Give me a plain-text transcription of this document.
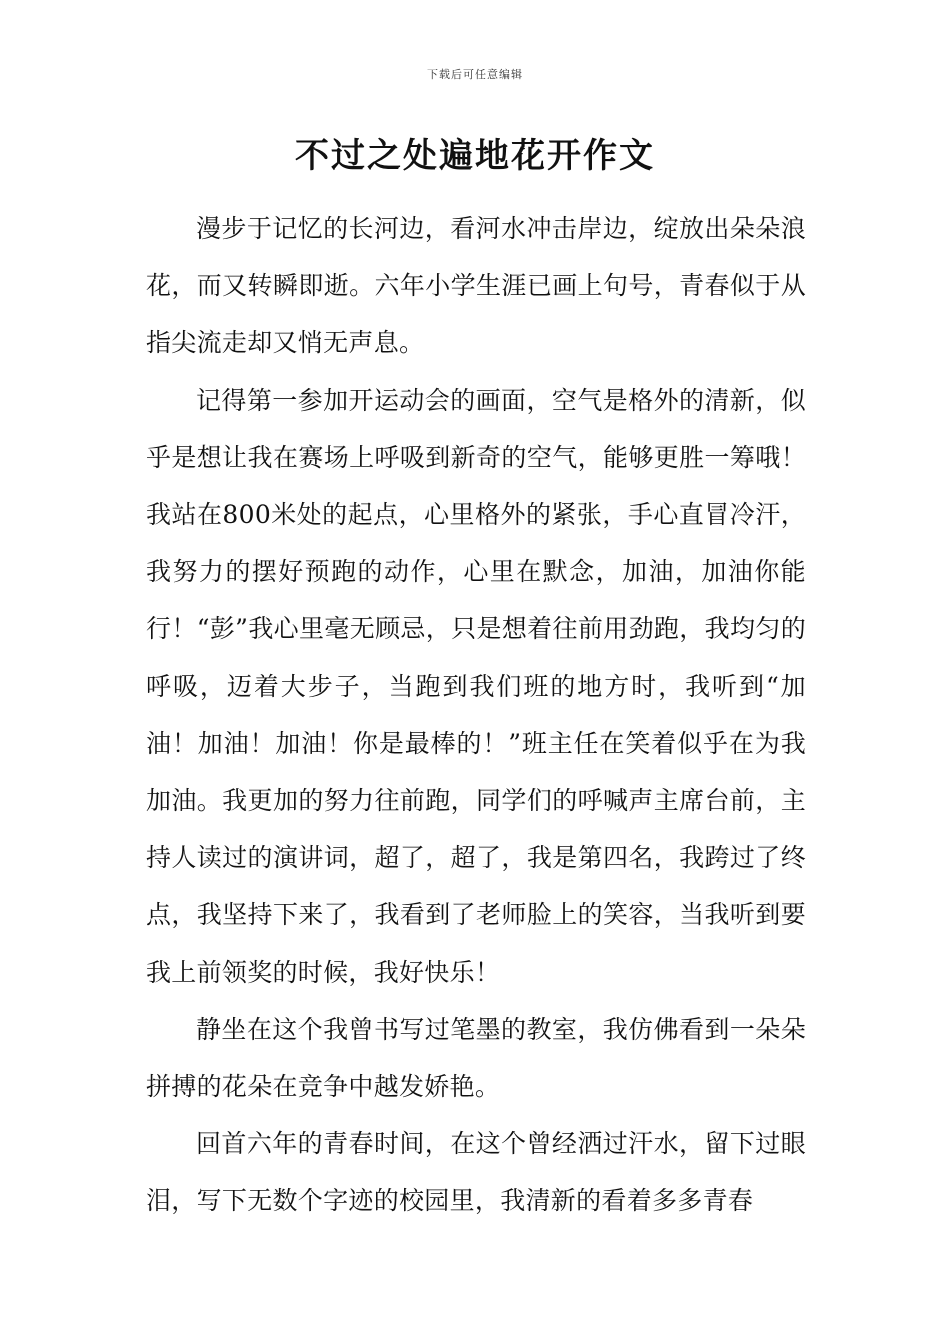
下载后可任意编辑
不过之处遍地花开作文

漫步于记忆的长河边，看河水冲击岸边，绽放出朵朵浪花，而又转瞬即逝。六年小学生涯已画上句号，青春似于从指尖流走却又悄无声息。

记得第一参加开运动会的画面，空气是格外的清新，似乎是想让我在赛场上呼吸到新奇的空气，能够更胜一筹哦！我站在800米处的起点，心里格外的紧张，手心直冒冷汗，我努力的摆好预跑的动作，心里在默念，加油，加油你能行！“彭”我心里毫无顾忌，只是想着往前用劲跑，我均匀的呼吸，迈着大步子，当跑到我们班的地方时，我听到“加油！加油！加油！你是最棒的！”班主任在笑着似乎在为我加油。我更加的努力往前跑，同学们的呼喊声主席台前，主持人读过的演讲词，超了，超了，我是第四名，我跨过了终点，我坚持下来了，我看到了老师脸上的笑容，当我听到要我上前领奖的时候，我好快乐！

静坐在这个我曾书写过笔墨的教室，我仿佛看到一朵朵拼搏的花朵在竞争中越发娇艳。

回首六年的青春时间，在这个曾经洒过汗水，留下过眼泪，写下无数个字迹的校园里，我清新的看着多多青春
